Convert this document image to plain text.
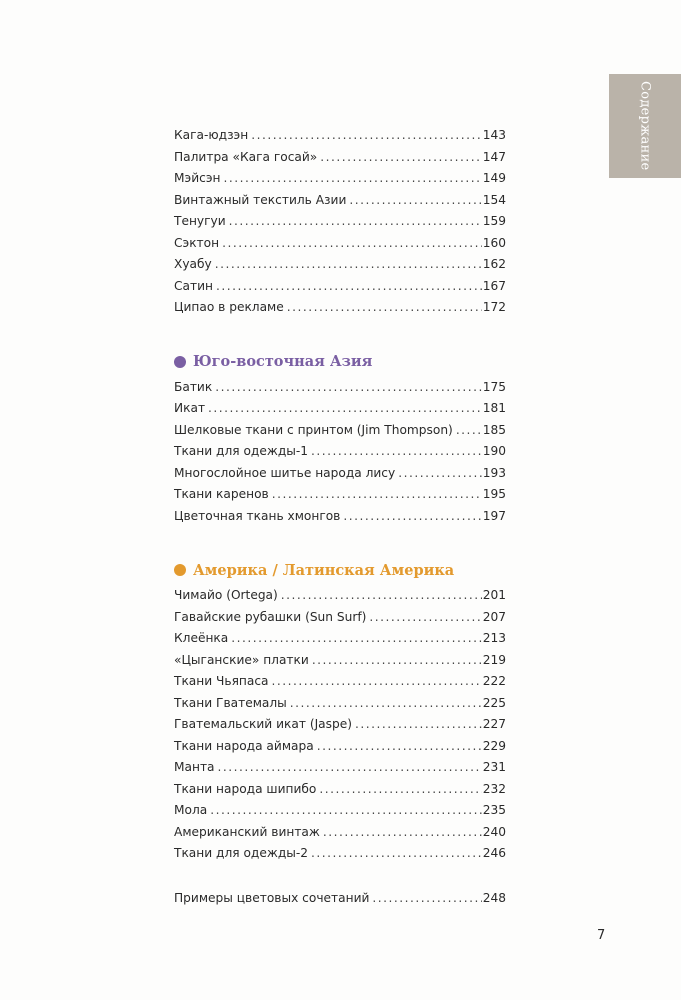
Содержание
Кага-юдзэн .....	143
Палитра «Кага госай» .....	147
Мэйсэн .....	149
Винтажный текстиль Азии .....	154
Тенугуи .....	159
Сэктон .....	160
Хуабу .....	162
Сатин .....	167
Ципао в рекламе .....	172
Юго-восточная Азия
Батик .....	175
Икат .....	181
Шелковые ткани с принтом (Jim Thompson) ..... 185
Ткани для одежды-1 .....	190
Многослойное шитье народа лису .....	193
Ткани каренов .....	195
Цветочная ткань хмонгов .....	197
Америка / Латинская Америка
Чимайо (Ortega) .....	201
Гавайские рубашки (Sun Surf) .....	207
Клеёнка .....	213
«Цыганские» платки .....	219
Ткани Чьяпаса .....	222
Ткани Гватемалы .....	225
Гватемальский икат (Jaspe) .....	227
Ткани народа аймара .....	229
Манта .....	231
Ткани народа шипибо .....	232
Мола .....	235
Американский винтаж .....	240
Ткани для одежды-2 .....	246
Примеры цветовых сочетаний .....	248
7
